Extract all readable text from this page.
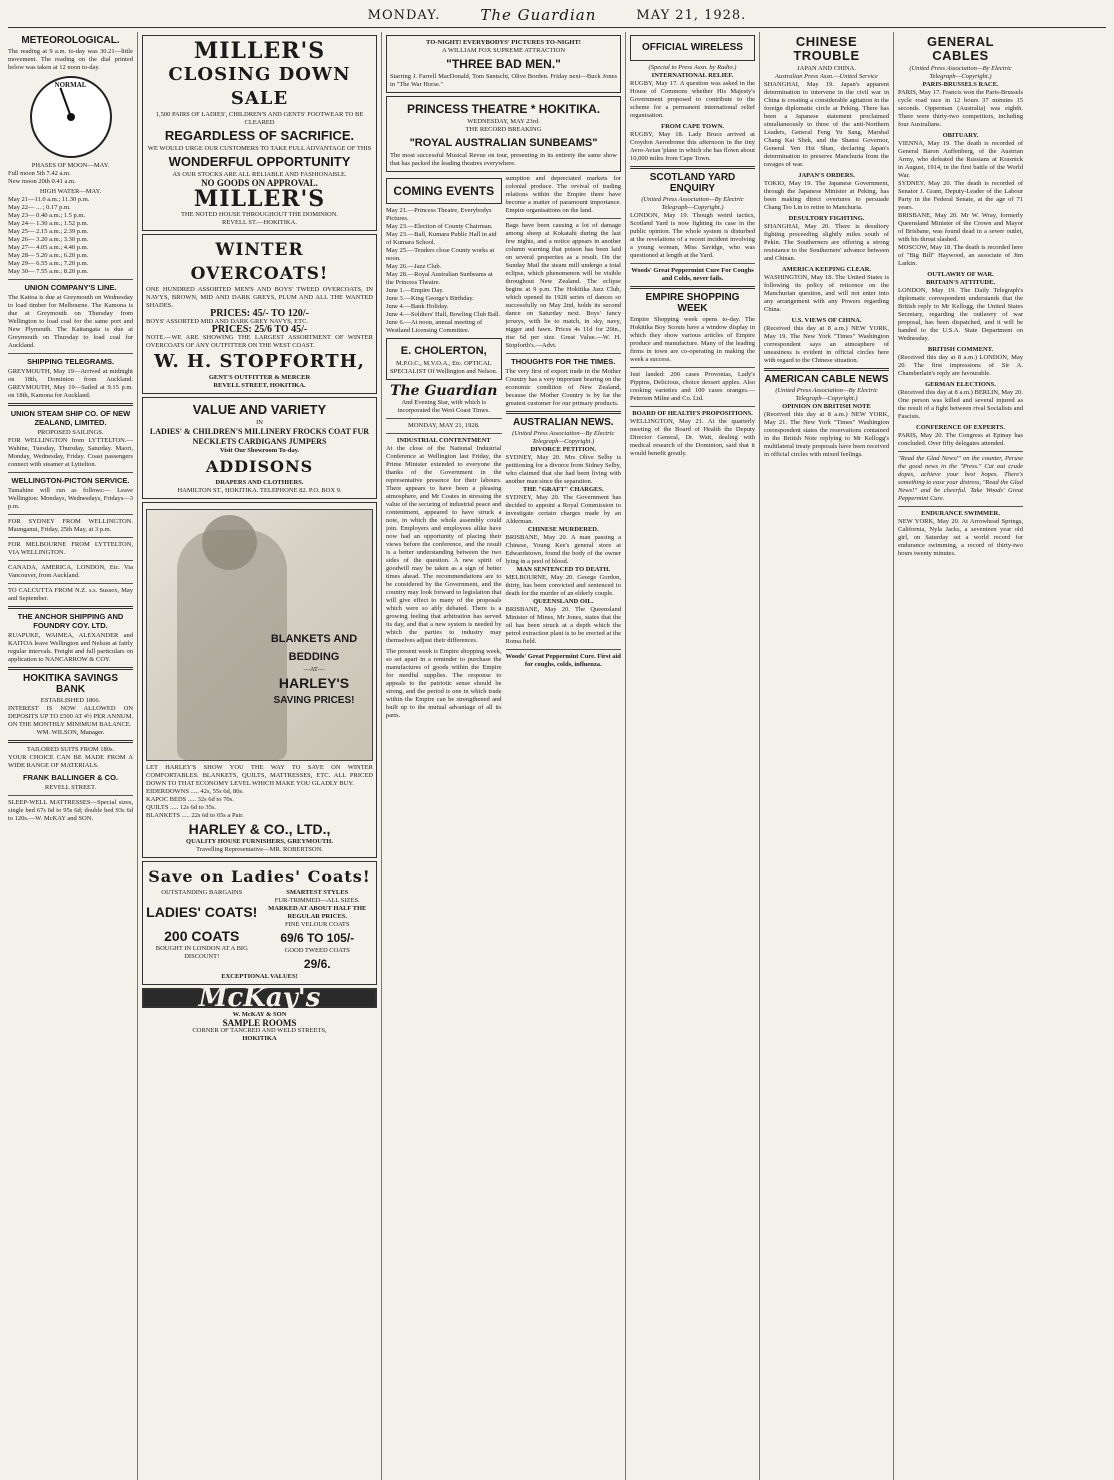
MONDAY.	The Guardian	MAY 21, 1928.
METEOROLOGICAL.
The reading at 9 a.m. to-day was 30.21—little movement. The reading on the dial printed below was taken at 12 noon to-day.
NORMAL
PHASES OF MOON—MAY.
Full moon 5th 7.42 a.m.
New moon 20th 0.41 a.m.
HIGH WATER—MAY.
May 21—11.0 a.m.; 11.30 p.m.
May 22— ... ; 0.17 p.m.
May 23— 0.40 a.m.; 1.5 p.m.
May 24— 1.30 a.m.; 1.52 p.m.
May 25— 2.15 a.m.; 2.39 p.m.
May 26— 3.20 a.m.; 3.30 p.m.
May 27— 4.05 a.m.; 4.40 p.m.
May 28— 5.20 a.m.; 6.20 p.m.
May 29— 6.55 a.m.; 7.20 p.m.
May 30— 7.55 a.m.; 8.20 p.m.
UNION COMPANY'S LINE.
The Kaitoa is due at Greymouth on Wednesday to load timber for Melbourne. The Kamona is due at Greymouth on Thursday from Wellington to load coal for the same port and New Plymouth. The Kaitangata is due at Greymouth on Thursday to load coal for Auckland.
SHIPPING TELEGRAMS.
GREYMOUTH, May 19—Arrived at midnight on 18th, Dominion from Auckland. GREYMOUTH, May 19—Sailed at 9.15 p.m. on 18th, Kamona for Auckland.
UNION STEAM SHIP CO. OF NEW ZEALAND, LIMITED.
PROPOSED SAILINGS.
FOR WELLINGTON from LYTTELTON.—Wahine, Tuesday, Thursday, Saturday. Maori, Monday, Wednesday, Friday. Coast passengers connect with steamer at Lyttelton.
WELLINGTON-PICTON SERVICE.
Tamahine will run as follows:— Leave Wellington: Mondays, Wednesdays, Fridays—3 p.m.
FOR SYDNEY FROM WELLINGTON. Maunganui, Friday, 25th May, at 3 p.m.
FOR MELBOURNE FROM LYTTELTON, VIA WELLINGTON.
CANADA, AMERICA, LONDON, Etc. Via Vancouver, from Auckland.
TO CALCUTTA FROM N.Z. s.s. Sussex, May and September.
THE ANCHOR SHIPPING AND FOUNDRY COY. LTD.
RUAPUKE, WAIMEA, ALEXANDER and KAITOA leave Wellington and Nelson at fairly regular intervals. Freight and full particulars on application to NANCARROW & COY.
HOKITIKA SAVINGS BANK
ESTABLISHED 1866.
INTEREST IS NOW ALLOWED ON DEPOSITS UP TO £500 AT 4½ PER ANNUM. ON THE MONTHLY MINIMUM BALANCE.
WM. WILSON, Manager.
TAILORED SUITS FROM 180s.
YOUR CHOICE CAN BE MADE FROM A WIDE RANGE OF MATERIALS.
FRANK BALLINGER & CO.
REVELL STREET.
SLEEP-WELL MATTRESSES—Special sizes, single bed 67s 6d to 95s 6d; double bed 93s 6d to 120s.—W. McKAY and SON.
MILLER'S
CLOSING DOWN SALE
1,500 PAIRS OF LADIES', CHILDREN'S AND GENTS' FOOTWEAR TO BE CLEARED
REGARDLESS OF SACRIFICE.
WE WOULD URGE OUR CUSTOMERS TO TAKE FULL ADVANTAGE OF THIS
WONDERFUL OPPORTUNITY
AS OUR STOCKS ARE ALL RELIABLE AND FASHIONABLE.
NO GOODS ON APPROVAL.
MILLER'S
THE NOTED HOUSE THROUGHOUT THE DOMINION.
REVELL ST.—HOKITIKA.
WINTER OVERCOATS!
ONE HUNDRED ASSORTED MEN'S AND BOYS' TWEED OVERCOATS, IN NAVYS, BROWN, MID AND DARK GREYS, PLUM AND ALL THE WANTED SHADES.
PRICES: 45/- TO 120/-
BOYS' ASSORTED MID AND DARK GREY NAVYS, ETC.
PRICES: 25/6 TO 45/-
NOTE.—WE ARE SHOWING THE LARGEST ASSORTMENT OF WINTER OVERCOATS OF ANY OUTFITTER ON THE WEST COAST.
W. H. STOPFORTH,
GENT'S OUTFITTER & MERCER
REVELL STREET, HOKITIKA.
VALUE AND VARIETY
IN
LADIES' & CHILDREN'S MILLINERY FROCKS COAT FUR NECKLETS CARDIGANS JUMPERS
Visit Our Showroom To-day.
ADDISONS
DRAPERS AND CLOTHIERS.
HAMILTON ST., HOKITIKA. TELEPHONE 82. P.O. BOX 9.
BLANKETS AND BEDDING
—AT—
HARLEY'S
SAVING PRICES!
LET HARLEY'S SHOW YOU THE WAY TO SAVE ON WINTER COMFORTABLES. BLANKETS, QUILTS, MATTRESSES, ETC. ALL PRICED DOWN TO THAT ECONOMY LEVEL WHICH MAKE YOU GLADLY BUY.
EIDERDOWNS ..... 42s, 55s 6d, 80s.
KAPOC BEDS ..... 32s 6d to 70s.
QUILTS ..... 12s 6d to 35s.
BLANKETS ..... 22s 6d to 65s a Pair.
HARLEY & CO., LTD.,
QUALITY HOUSE FURNISHERS, GREYMOUTH.
Travelling Representative—MR. ROBERTSON.
Save on Ladies' Coats!
OUTSTANDING BARGAINS
LADIES' COATS!
200 COATS
BOUGHT IN LONDON AT A BIG DISCOUNT!
SMARTEST STYLES
FUR-TRIMMED—ALL SIZES.
MARKED AT ABOUT HALF THE REGULAR PRICES.
FINE VELOUR COATS
69/6 TO 105/-
GOOD TWEED COATS
29/6.
EXCEPTIONAL VALUES!
McKay's
W. McKAY & SON
SAMPLE ROOMS
CORNER OF TANCRED AND WELD STREETS,
HOKITIKA
TO-NIGHT! EVERYBODYS' PICTURES TO-NIGHT!
A WILLIAM FOX SUPREME ATTRACTION
"THREE BAD MEN."
Starring J. Farrell MacDonald, Tom Santschi, Olive Borden. Friday next—Buck Jones in "The War Horse."
PRINCESS THEATRE * HOKITIKA.
WEDNESDAY, MAY 23rd.
THE RECORD BREAKING
"ROYAL AUSTRALIAN SUNBEAMS"
The most successful Musical Revue on tour, presenting in its entirety the same show that has packed the leading theatres everywhere.
COMING EVENTS
May 21.—Princess Theatre, Everybodys Pictures.
May 23.—Election of County Chairman.
May 23.—Ball, Kumara Public Hall in aid of Kumara School.
May 25.—Tenders close County works at noon.
May 26.—Jazz Club.
May 28.—Royal Australian Sunbeams at the Princess Theatre.
June 1.—Empire Day.
June 3.—King George's Birthday.
June 4.—Bank Holiday.
June 4.—Soldiers' Hall, Bowling Club Ball.
June 6.—At noon, annual meeting of Westland Licensing Committee.
E. CHOLERTON,
M.P.O.C., M.V.O.A., Etc. OPTICAL SPECIALIST Of Wellington and Nelson.
The Guardian
And Evening Star, with which is incorporated the West Coast Times.
MONDAY, MAY 21, 1928.
INDUSTRIAL CONTENTMENT
At the close of the National Industrial Conference at Wellington last Friday, the Prime Minister extended to everyone the thanks of the Government in the representative presence for their labours. There appears to have been a pleasing atmosphere, and Mr Coates in stressing the value of the securing of industrial peace and contentment, appeared to have struck a note, in which the whole assembly could join. Employers and employees alike have now had an opportunity of placing their views before the conference, and the result is a better understanding between the two sides of the question. A new spirit of goodwill may be taken as a sign of better times ahead. The recommendations are to be considered by the Government, and the country may look forward to legislation that will give effect to many of the proposals which were so ably debated. There is a growing feeling that arbitration has served its day, and that a new system is needed by which the parties to industry may themselves adjust their differences.
The present week is Empire shopping week, so set apart in a reminder to purchase the manufactures of goods within the Empire for needful supplies. The response to appeals to the patriotic sense should be strong, and the period is one in which trade within the Empire can be strengthened and built up to the mutual advantage of all its parts.
sumption and depreciated markets for colonial produce. The revival of trading relations within the Empire there have become a matter of paramount importance. Empire organisations on the land.
Bags have been causing a lot of damage among sheep at Kokatahi during the last few nights, and a notice appears in another column warning that poison has been laid on several properties as a result. On the Sunday Mail the steam mill undergo a total eclipse, which phenomenon will be visible throughout New Zealand. The eclipse begins at 9 p.m. The Hokitika Jazz Club, which opened its 1928 series of dances so successfully on May 2nd, holds its second dance on Saturday next. Boys' fancy jerseys, with lie to match, in sky, navy, nigger and fawn. Prices 4s 11d for 20in., rise 6d per size. Great Value.—W. H. Stopforth's.—Advt.
THOUGHTS FOR THE TIMES.
The very first of export trade in the Mother Country has a very important bearing on the economic condition of New Zealand, because the Mother Country is by far the greatest customer for our primary products.
AUSTRALIAN NEWS.
(United Press Association—By Electric Telegraph—Copyright.)
DIVORCE PETITION.
SYDNEY, May 20. Mrs Olive Selby is petitioning for a divorce from Sidney Selby, who claimed that she had been living with another man since the separation.
THE "GRAFT" CHARGES.
SYDNEY, May 20. The Government has decided to appoint a Royal Commission to investigate certain charges made by an Alderman.
CHINESE MURDERED.
BRISBANE, May 20. A man passing a Chinese, Young Kee's general store at Edwardstown, found the body of the owner lying in a pool of blood.
MAN SENTENCED TO DEATH.
MELBOURNE, May 20. George Gordon, thirty, has been convicted and sentenced to death for the murder of an elderly couple.
QUEENSLAND OIL.
BRISBANE, May 20. The Queensland Minister of Mines, Mr Jones, states that the oil has been struck at a depth which the petrol extraction plant is to be erected at the Roma field.
Woods' Great Peppermint Cure. First aid for coughs, colds, influenza.
OFFICIAL WIRELESS
(Special to Press Assn. by Radio.)
INTERNATIONAL RELIEF.
RUGBY, May 17. A question was asked in the House of Commons whether His Majesty's Government proposed to contribute to the scheme for a permanent international relief organisation.
FROM CAPE TOWN.
RUGBY, May 18. Lady Bruce arrived at Croydon Aerodrome this afternoon in the tiny Avro-Avian 'plane in which she has flown about 10,000 miles from Cape Town.
SCOTLAND YARD ENQUIRY
(United Press Association—By Electric Telegraph—Copyright.)
LONDON, May 19. Though weird tactics, Scotland Yard is now fighting its case in the public opinion. The whole system is disturbed at the revelations of a recent incident involving a young woman, Miss Savidge, who was questioned at length at the Yard.
Woods' Great Peppermint Cure For Coughs and Colds, never fails.
EMPIRE SHOPPING WEEK
Empire Shopping week opens to-day. The Hokitika Boy Scouts have a window display in which they show various articles of Empire produce and manufacture. Many of the leading firms in town are co-operating in making the week a success.
Just landed: 200 cases Provonias, Lady's Pippins, Delicious, choice dessert apples. Also cooking varieties and 100 cases oranges.—Peterson Milne and Co. Ltd.
BOARD OF HEALTH'S PROPOSITIONS.
WELLINGTON, May 21. At the quarterly meeting of the Board of Health the Deputy Director General, Dr. Watt, dealing with medical research of the Dominion, said that it would benefit greatly.
CHINESE TROUBLE
JAPAN AND CHINA.
Australian Press Assn.—United Service
SHANGHAI, May 19. Japan's apparent determination to intervene in the civil war in China is creating a considerable agitation in the foreign diplomatic circle at Peking. There has been a Japanese statement proclaimed simultaneously to three of the anti-Northern Leaders, General Feng Yu Sang, Marshal Chang Kai Shek, and the Shansi Governor, General Yen Hsi Shan, declaring Japan's determination to preserve Manchuria from the ravages of war.
JAPAN'S ORDERS.
TOKIO, May 19. The Japanese Government, through the Japanese Minister at Peking, has been making direct overtures to persuade Chang Tso Lin to retire to Manchuria.
DESULTORY FIGHTING.
SHANGHAI, May 20. There is desultory fighting proceeding slightly miles south of Pekin. The Southerners are offering a strong resistance to the Southerners' advance between and Chinan.
AMERICA KEEPING CLEAR.
WASHINGTON, May 18. The United States is following its policy of reticence on the Manchurian question, and will not enter into any arrangement with any Powers regarding China.
U.S. VIEWS OF CHINA.
(Received this day at 8 a.m.) NEW YORK, May 19. The New York "Times" Washington correspondent says an atmosphere of uneasiness is evident in official circles here with regard to the Chinese situation.
AMERICAN CABLE NEWS
(United Press Association—By Electric Telegraph—Copyright.)
OPINION ON BRITISH NOTE
(Received this day at 8 a.m.) NEW YORK, May 21. The New York "Times" Washington correspondent states the reservations contained in the British Note replying to Mr Kellogg's multilateral treaty proposals have been received in official circles with mixed feelings.
GENERAL CABLES
(United Press Association—By Electric Telegraph—Copyright.)
PARIS-BRUSSELS RACE.
PARIS, May 17. Francis won the Paris-Brussels cycle road race in 12 hours 37 minutes 15 seconds. Opperman (Australia) was eighth. There were thirty-two competitors, including four Australians.
OBITUARY.
VIENNA, May 19. The death is recorded of General Baron Auffenberg, of the Austrian Army, who defeated the Russians at Krasnick in August, 1914, in the first battle of the World War.
SYDNEY, May 20. The death is recorded of Senator J. Grant, Deputy-Leader of the Labour Party in the Federal Senate, at the age of 71 years.
BRISBANE, May 20. Mr W. Wray, formerly Queensland Minister of the Crown and Mayor of Brisbane, was found dead in a sewer outlet, with his throat slashed.
MOSCOW, May 18. The death is recorded here of "Big Bill" Haywood, an associate of Jim Larkin.
OUTLAWRY OF WAR.
BRITAIN'S ATTITUDE.
LONDON, May 19. The Daily Telegraph's diplomatic correspondent understands that the British reply to Mr Kellogg, the United States Secretary, regarding the outlawry of war proposal, has been dispatched, and it will be handed to the U.S.A. State Department on Wednesday.
BRITISH COMMENT.
(Received this day at 8 a.m.) LONDON, May 20. The first impressions of Sir A. Chamberlain's reply are favourable.
GERMAN ELECTIONS.
(Received this day at 8 a.m.) BERLIN, May 20. One person was killed and several injured as the result of a fight between rival Socialists and Fascists.
CONFERENCE OF EXPERTS.
PARIS, May 20. The Congress at Epinay has concluded. Over fifty delegates attended.
"Read the Glad News!" on the counter, Peruse the good news in the "Press." Cut out crude dopes, achieve your best hopes. There's something to ease your distress, "Read the Glad News!" and be cheerful. Take Woods' Great Peppermint Cure.
ENDURANCE SWIMMER.
NEW YORK, May 20. At Arrowhead Springs, California, Nyla Jacks, a seventeen year old girl, on Saturday set a world record for endurance swimming, a record of thirty-two hours twenty minutes.
